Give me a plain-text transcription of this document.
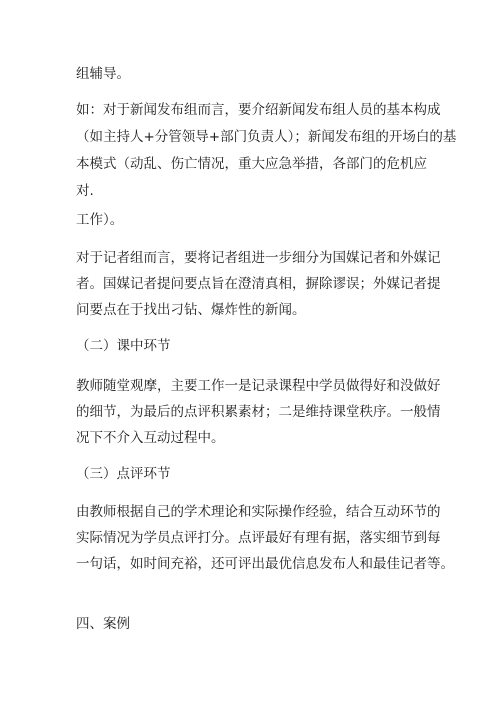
组辅导。
如：对于新闻发布组而言，要介绍新闻发布组人员的基本构成
（如主持人+分管领导+部门负责人）；新闻发布组的开场白的基
本模式（动乱、伤亡情况，重大应急举措，各部门的危机应
对.
工作）。
对于记者组而言，要将记者组进一步细分为国媒记者和外媒记
者。国媒记者提问要点旨在澄清真相，摒除谬误；外媒记者提
问要点在于找出刁钻、爆炸性的新闻。
（二）课中环节
教师随堂观摩，主要工作一是记录课程中学员做得好和没做好
的细节，为最后的点评积累素材；二是维持课堂秩序。一般情
况下不介入互动过程中。
（三）点评环节
由教师根据自己的学术理论和实际操作经验，结合互动环节的
实际情况为学员点评打分。点评最好有理有据，落实细节到每
一句话，如时间充裕，还可评出最优信息发布人和最佳记者等。
四、案例
